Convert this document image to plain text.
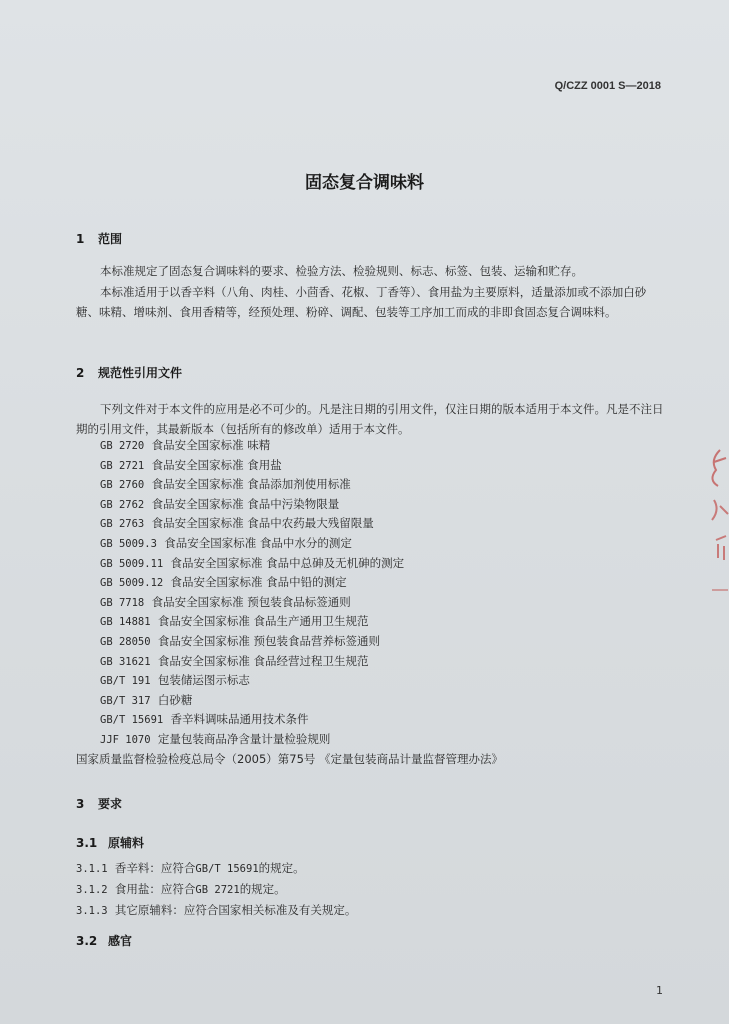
Q/CZZ 0001 S—2018
固态复合调味料
1 范围

本标准规定了固态复合调味料的要求、检验方法、检验规则、标志、标签、包装、运输和贮存。

本标准适用于以香辛料（八角、肉桂、小茴香、花椒、丁香等）、食用盐为主要原料，适量添加或不添加白砂糖、味精、增味剂、食用香精等，经预处理、粉碎、调配、包装等工序加工而成的非即食固态复合调味料。

2 规范性引用文件

下列文件对于本文件的应用是必不可少的。凡是注日期的引用文件，仅注日期的版本适用于本文件。凡是不注日期的引用文件，其最新版本（包括所有的修改单）适用于本文件。

GB 2720 食品安全国家标准 味精
GB 2721 食品安全国家标准 食用盐
GB 2760 食品安全国家标准 食品添加剂使用标准
GB 2762 食品安全国家标准 食品中污染物限量
GB 2763 食品安全国家标准 食品中农药最大残留限量
GB 5009.3 食品安全国家标准 食品中水分的测定
GB 5009.11 食品安全国家标准 食品中总砷及无机砷的测定
GB 5009.12 食品安全国家标准 食品中铅的测定
GB 7718 食品安全国家标准 预包装食品标签通则
GB 14881 食品安全国家标准 食品生产通用卫生规范
GB 28050 食品安全国家标准 预包装食品营养标签通则
GB 31621 食品安全国家标准 食品经营过程卫生规范
GB/T 191 包装储运图示标志
GB/T 317 白砂糖
GB/T 15691 香辛料调味品通用技术条件
JJF 1070 定量包装商品净含量计量检验规则
国家质量监督检验检疫总局令（2005）第75号 《定量包装商品计量监督管理办法》
3 要求
3.1 原辅料
3.1.1 香辛料：应符合GB/T 15691的规定。
3.1.2 食用盐：应符合GB 2721的规定。
3.1.3 其它原辅料：应符合国家相关标准及有关规定。
3.2 感官
1
